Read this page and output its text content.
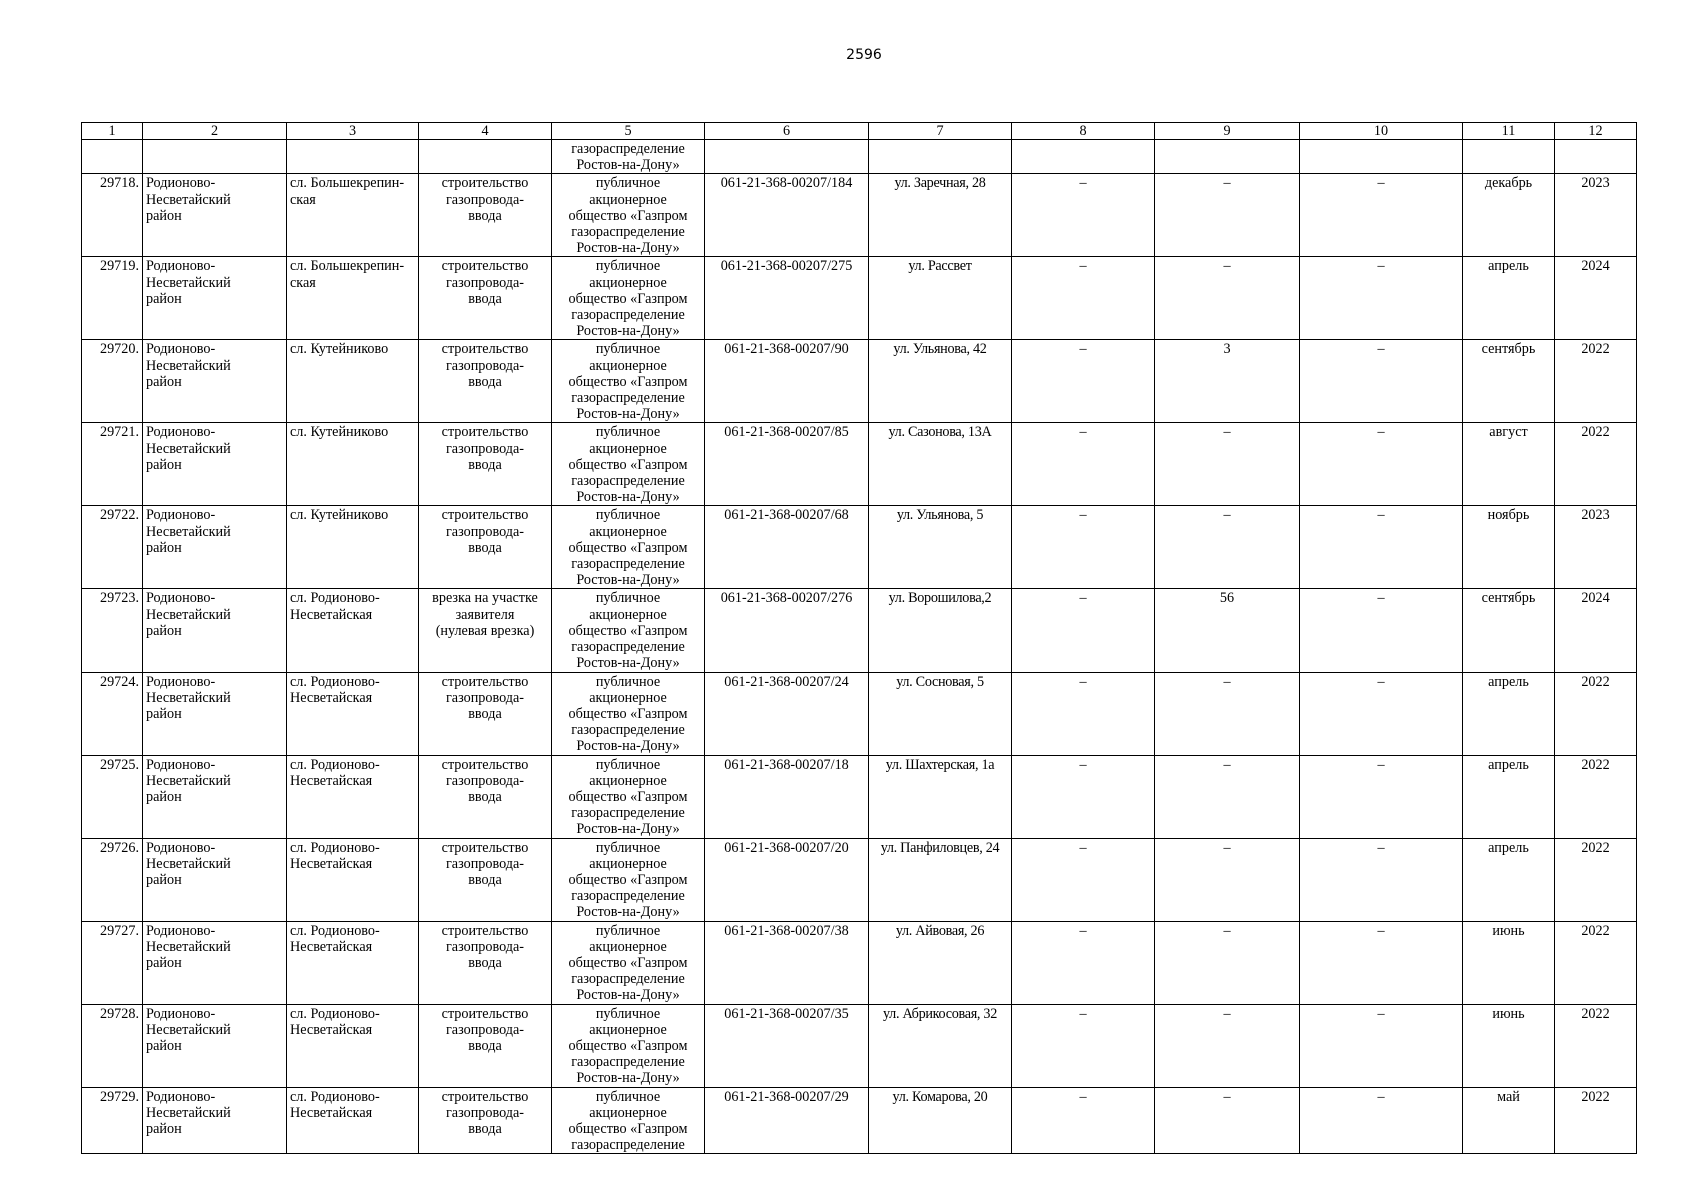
2596
1	2	3	4	5	6	7	8	9	10	11	12

				газораспределение
Ростов-на-Дону»							

29718.	Родионово-
Несветайский
район	сл. Большекрепин-
ская	строительство
газопровода-
ввода	публичное
акционерное
общество «Газпром
газораспределение
Ростов-на-Дону»	061-21-368-00207/184	ул. Заречная, 28	–	–	–	декабрь	2023
29719.	Родионово-
Несветайский
район	сл. Большекрепин-
ская	строительство
газопровода-
ввода	публичное
акционерное
общество «Газпром
газораспределение
Ростов-на-Дону»	061-21-368-00207/275	ул. Рассвет	–	–	–	апрель	2024
29720.	Родионово-
Несветайский
район	сл. Кутейниково	строительство
газопровода-
ввода	публичное
акционерное
общество «Газпром
газораспределение
Ростов-на-Дону»	061-21-368-00207/90	ул. Ульянова, 42	–	3	–	сентябрь	2022
29721.	Родионово-
Несветайский
район	сл. Кутейниково	строительство
газопровода-
ввода	публичное
акционерное
общество «Газпром
газораспределение
Ростов-на-Дону»	061-21-368-00207/85	ул. Сазонова, 13А	–	–	–	август	2022
29722.	Родионово-
Несветайский
район	сл. Кутейниково	строительство
газопровода-
ввода	публичное
акционерное
общество «Газпром
газораспределение
Ростов-на-Дону»	061-21-368-00207/68	ул. Ульянова, 5	–	–	–	ноябрь	2023
29723.	Родионово-
Несветайский
район	сл. Родионово-
Несветайская	врезка на участке
заявителя
(нулевая врезка)	публичное
акционерное
общество «Газпром
газораспределение
Ростов-на-Дону»	061-21-368-00207/276	ул. Ворошилова,2	–	56	–	сентябрь	2024
29724.	Родионово-
Несветайский
район	сл. Родионово-
Несветайская	строительство
газопровода-
ввода	публичное
акционерное
общество «Газпром
газораспределение
Ростов-на-Дону»	061-21-368-00207/24	ул. Сосновая, 5	–	–	–	апрель	2022
29725.	Родионово-
Несветайский
район	сл. Родионово-
Несветайская	строительство
газопровода-
ввода	публичное
акционерное
общество «Газпром
газораспределение
Ростов-на-Дону»	061-21-368-00207/18	ул. Шахтерская, 1а	–	–	–	апрель	2022
29726.	Родионово-
Несветайский
район	сл. Родионово-
Несветайская	строительство
газопровода-
ввода	публичное
акционерное
общество «Газпром
газораспределение
Ростов-на-Дону»	061-21-368-00207/20	ул. Панфиловцев, 24	–	–	–	апрель	2022
29727.	Родионово-
Несветайский
район	сл. Родионово-
Несветайская	строительство
газопровода-
ввода	публичное
акционерное
общество «Газпром
газораспределение
Ростов-на-Дону»	061-21-368-00207/38	ул. Айвовая, 26	–	–	–	июнь	2022
29728.	Родионово-
Несветайский
район	сл. Родионово-
Несветайская	строительство
газопровода-
ввода	публичное
акционерное
общество «Газпром
газораспределение
Ростов-на-Дону»	061-21-368-00207/35	ул. Абрикосовая, 32	–	–	–	июнь	2022
29729.	Родионово-
Несветайский
район	сл. Родионово-
Несветайская	строительство
газопровода-
ввода	публичное
акционерное
общество «Газпром
газораспределение	061-21-368-00207/29	ул. Комарова, 20	–	–	–	май	2022
